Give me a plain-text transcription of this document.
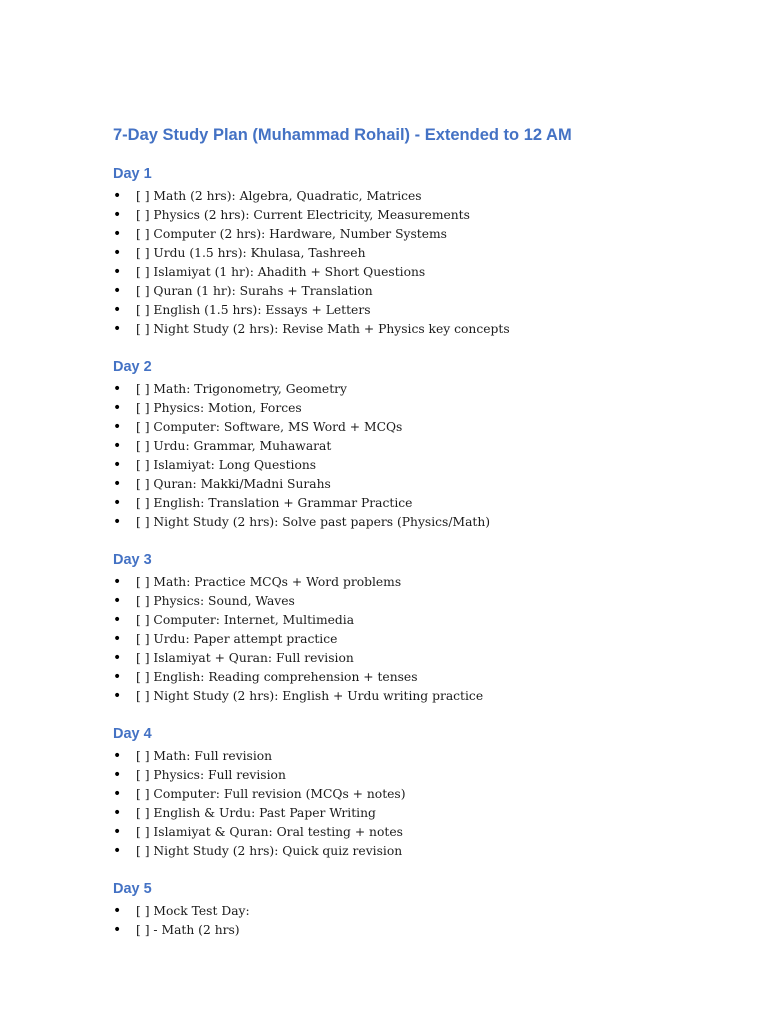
7-Day Study Plan (Muhammad Rohail) - Extended to 12 AM
Day 1
• [ ] Math (2 hrs): Algebra, Quadratic, Matrices
• [ ] Physics (2 hrs): Current Electricity, Measurements
• [ ] Computer (2 hrs): Hardware, Number Systems
• [ ] Urdu (1.5 hrs): Khulasa, Tashreeh
• [ ] Islamiyat (1 hr): Ahadith + Short Questions
• [ ] Quran (1 hr): Surahs + Translation
• [ ] English (1.5 hrs): Essays + Letters
• [ ] Night Study (2 hrs): Revise Math + Physics key concepts
Day 2
• [ ] Math: Trigonometry, Geometry
• [ ] Physics: Motion, Forces
• [ ] Computer: Software, MS Word + MCQs
• [ ] Urdu: Grammar, Muhawarat
• [ ] Islamiyat: Long Questions
• [ ] Quran: Makki/Madni Surahs
• [ ] English: Translation + Grammar Practice
• [ ] Night Study (2 hrs): Solve past papers (Physics/Math)
Day 3
• [ ] Math: Practice MCQs + Word problems
• [ ] Physics: Sound, Waves
• [ ] Computer: Internet, Multimedia
• [ ] Urdu: Paper attempt practice
• [ ] Islamiyat + Quran: Full revision
• [ ] English: Reading comprehension + tenses
• [ ] Night Study (2 hrs): English + Urdu writing practice
Day 4
• [ ] Math: Full revision
• [ ] Physics: Full revision
• [ ] Computer: Full revision (MCQs + notes)
• [ ] English & Urdu: Past Paper Writing
• [ ] Islamiyat & Quran: Oral testing + notes
• [ ] Night Study (2 hrs): Quick quiz revision
Day 5
• [ ] Mock Test Day:
• [ ] - Math (2 hrs)
